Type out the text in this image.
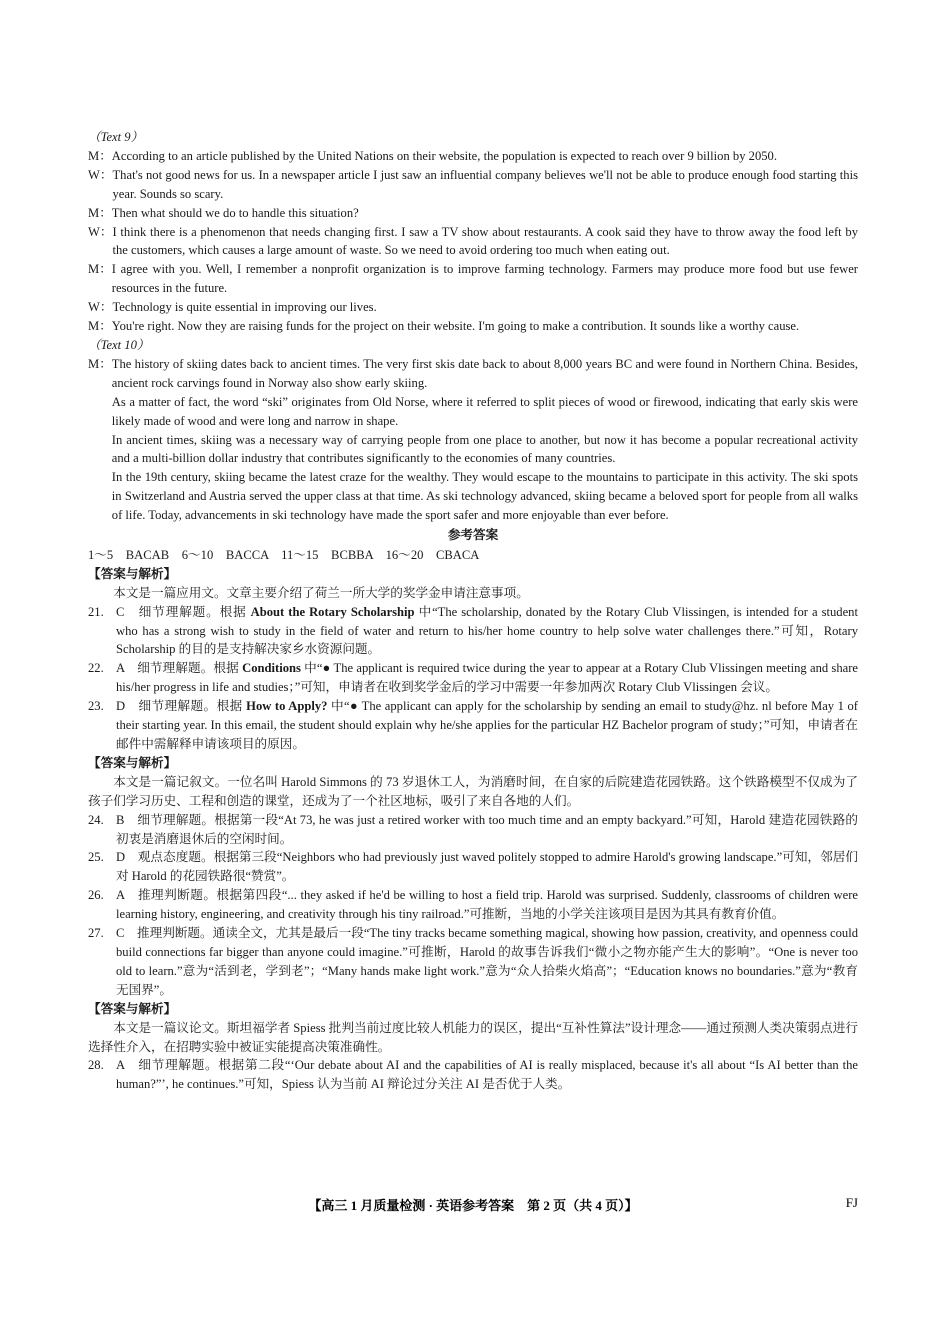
（Text 9）

M： According to an article published by the United Nations on their website, the population is expected to reach over 9 billion by 2050.
W： That's not good news for us. In a newspaper article I just saw an influential company believes we'll not be able to produce enough food starting this year. Sounds so scary.
M： Then what should we do to handle this situation?
W： I think there is a phenomenon that needs changing first. I saw a TV show about restaurants. A cook said they have to throw away the food left by the customers, which causes a large amount of waste. So we need to avoid ordering too much when eating out.
M： I agree with you. Well, I remember a nonprofit organization is to improve farming technology. Farmers may produce more food but use fewer resources in the future.
W： Technology is quite essential in improving our lives.
M： You're right. Now they are raising funds for the project on their website. I'm going to make a contribution. It sounds like a worthy cause.

（Text 10）

M： The history of skiing dates back to ancient times. The very first skis date back to about 8,000 years BC and were found in Northern China. Besides, ancient rock carvings found in Norway also show early skiing.

As a matter of fact, the word “ski” originates from Old Norse, where it referred to split pieces of wood or firewood, indicating that early skis were likely made of wood and were long and narrow in shape.

In ancient times, skiing was a necessary way of carrying people from one place to another, but now it has become a popular recreational activity and a multi-billion dollar industry that contributes significantly to the economies of many countries.

In the 19th century, skiing became the latest craze for the wealthy. They would escape to the mountains to participate in this activity. The ski spots in Switzerland and Austria served the upper class at that time. As ski technology advanced, skiing became a beloved sport for people from all walks of life. Today, advancements in ski technology have made the sport safer and more enjoyable than ever before.

参考答案

1～5　BACAB　6～10　BACCA　11～15　BCBBA　16～20　CBACA

【答案与解析】

本文是一篇应用文。文章主要介绍了荷兰一所大学的奖学金申请注意事项。

21. C　细节理解题。根据 About the Rotary Scholarship 中“The scholarship, donated by the Rotary Club Vlissingen, is intended for a student who has a strong wish to study in the field of water and return to his/her home country to help solve water challenges there.”可知，Rotary Scholarship 的目的是支持解决家乡水资源问题。
22. A　细节理解题。根据 Conditions 中“● The applicant is required twice during the year to appear at a Rotary Club Vlissingen meeting and share his/her progress in life and studies；”可知，申请者在收到奖学金后的学习中需要一年参加两次 Rotary Club Vlissingen 会议。
23. D　细节理解题。根据 How to Apply? 中“● The applicant can apply for the scholarship by sending an email to study@hz. nl before May 1 of their starting year. In this email, the student should explain why he/she applies for the particular HZ Bachelor program of study；”可知，申请者在邮件中需解释申请该项目的原因。

【答案与解析】

本文是一篇记叙文。一位名叫 Harold Simmons 的 73 岁退休工人，为消磨时间，在自家的后院建造花园铁路。这个铁路模型不仅成为了孩子们学习历史、工程和创造的课堂，还成为了一个社区地标，吸引了来自各地的人们。

24. B　细节理解题。根据第一段“At 73, he was just a retired worker with too much time and an empty backyard.”可知，Harold 建造花园铁路的初衷是消磨退休后的空闲时间。
25. D　观点态度题。根据第三段“Neighbors who had previously just waved politely stopped to admire Harold's growing landscape.”可知，邻居们对 Harold 的花园铁路很“赞赏”。
26. A　推理判断题。根据第四段“... they asked if he'd be willing to host a field trip. Harold was surprised. Suddenly, classrooms of children were learning history, engineering, and creativity through his tiny railroad.”可推断，当地的小学关注该项目是因为其具有教育价值。
27. C　推理判断题。通读全文，尤其是最后一段“The tiny tracks became something magical, showing how passion, creativity, and openness could build connections far bigger than anyone could imagine.”可推断，Harold 的故事告诉我们“微小之物亦能产生大的影响”。“One is never too old to learn.”意为“活到老，学到老”；“Many hands make light work.”意为“众人拾柴火焰高”；“Education knows no boundaries.”意为“教育无国界”。

【答案与解析】

本文是一篇议论文。斯坦福学者 Spiess 批判当前过度比较人机能力的误区，提出“互补性算法”设计理念——通过预测人类决策弱点进行选择性介入，在招聘实验中被证实能提高决策准确性。

28. A　细节理解题。根据第二段“‘Our debate about AI and the capabilities of AI is really misplaced, because it's all about “Is AI better than the human?”’, he continues.”可知，Spiess 认为当前 AI 辩论过分关注 AI 是否优于人类。
【高三 1 月质量检测 · 英语参考答案　第 2 页（共 4 页）】	FJ
